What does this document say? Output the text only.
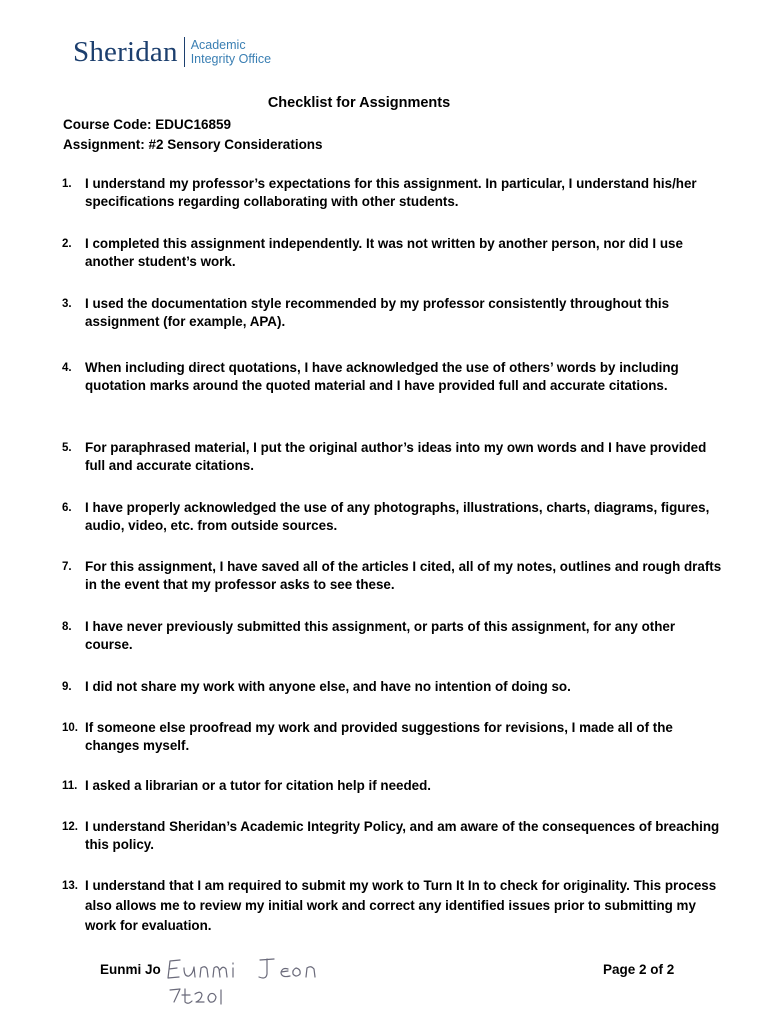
Sheridan Academic
Integrity Office
Checklist for Assignments
Course Code: EDUC16859
Assignment: #2 Sensory Considerations
1. I understand my professor’s expectations for this assignment. In particular, I understand his/her specifications regarding collaborating with other students.
2. I completed this assignment independently. It was not written by another person, nor did I use another student’s work.
3. I used the documentation style recommended by my professor consistently throughout this assignment (for example, APA).
4. When including direct quotations, I have acknowledged the use of others’ words by including quotation marks around the quoted material and I have provided full and accurate citations.
5. For paraphrased material, I put the original author’s ideas into my own words and I have provided full and accurate citations.
6. I have properly acknowledged the use of any photographs, illustrations, charts, diagrams, figures, audio, video, etc. from outside sources.
7. For this assignment, I have saved all of the articles I cited, all of my notes, outlines and rough drafts in the event that my professor asks to see these.
8. I have never previously submitted this assignment, or parts of this assignment, for any other course.
9. I did not share my work with anyone else, and have no intention of doing so.
10. If someone else proofread my work and provided suggestions for revisions, I made all of the changes myself.
11. I asked a librarian or a tutor for citation help if needed.
12. I understand Sheridan’s Academic Integrity Policy, and am aware of the consequences of breaching this policy.
13. I understand that I am required to submit my work to Turn It In to check for originality. This process also allows me to review my initial work and correct any identified issues prior to submitting my work for evaluation.
Eunmi Jo	Page 2 of 2
